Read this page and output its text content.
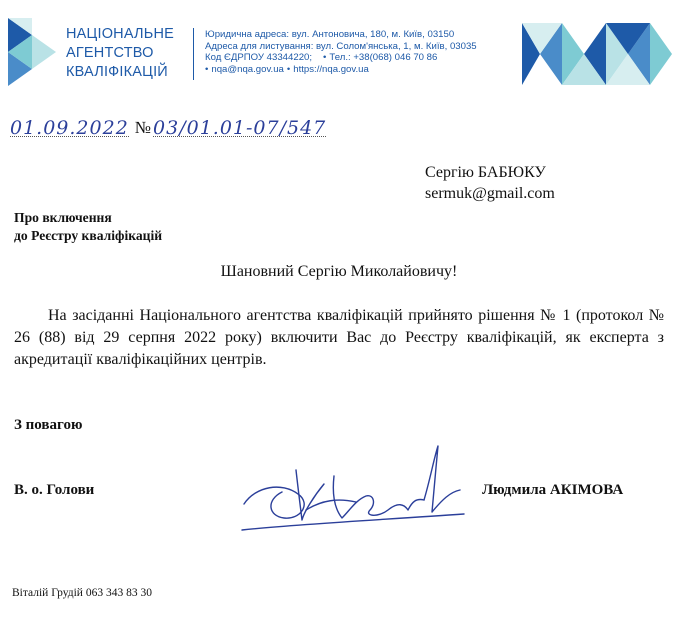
НАЦІОНАЛЬНЕ
АГЕНТСТВО
КВАЛІФІКАЦІЙ
Юридична адреса: вул. Антоновича, 180, м. Київ, 03150
Адреса для листування: вул. Солом'янська, 1, м. Київ, 03035
Код ЄДРПОУ 43344220; • Тел.: +38(068) 046 70 86
• nqa@nqa.gov.ua • https://nqa.gov.ua
01.09.2022 № 03/01.01-07/547
Сергію БАБЮКУ
sermuk@gmail.com
Про включення
до Реєстру кваліфікацій
Шановний Сергію Миколайовичу!
На засіданні Національного агентства кваліфікацій прийнято рішення № 1 (протокол № 26 (88) від 29 серпня 2022 року) включити Вас до Реєстру кваліфікацій, як експерта з акредитації кваліфікаційних центрів.
З повагою
В. о. Голови	Людмила АКІМОВА
Віталій Грудій 063 343 83 30
